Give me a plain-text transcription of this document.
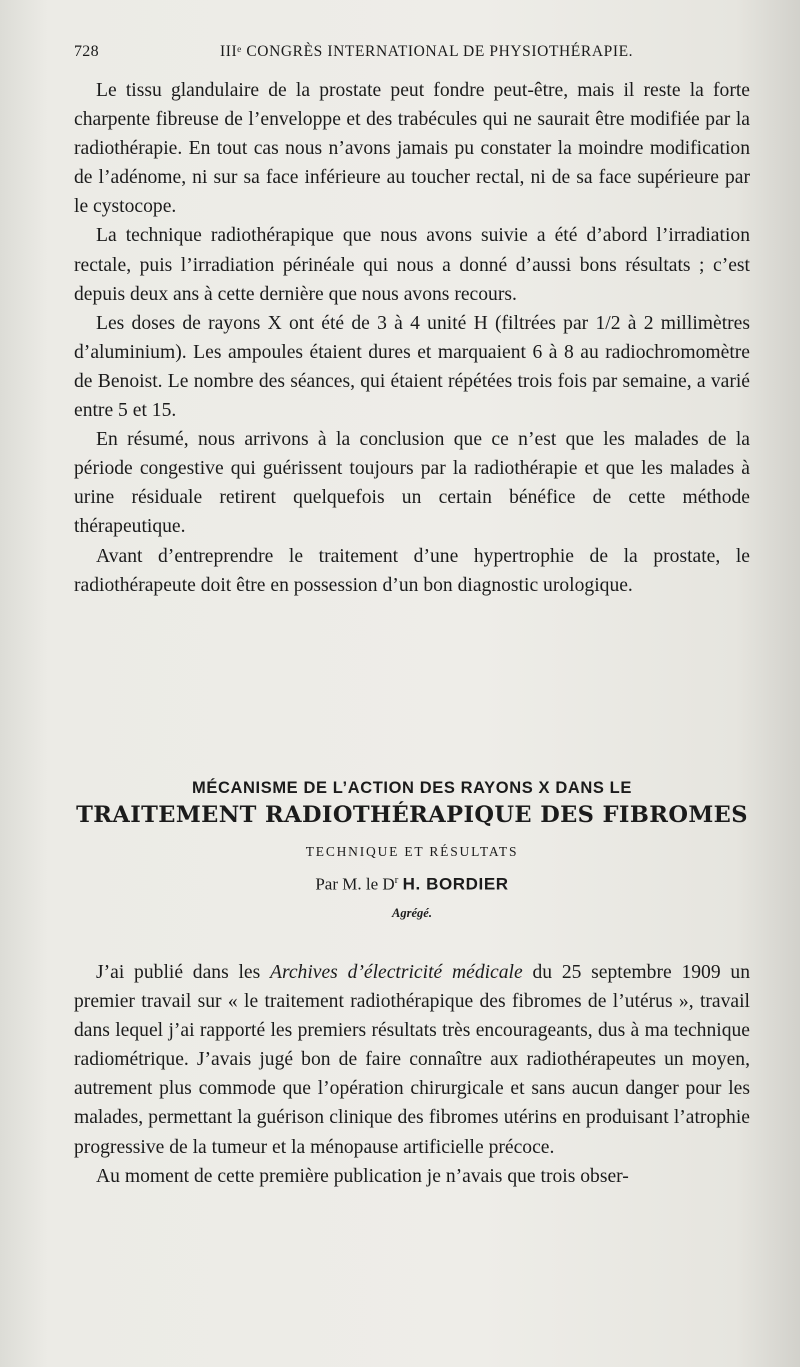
728	IIIᵉ CONGRÈS INTERNATIONAL DE PHYSIOTHÉRAPIE.

Le tissu glandulaire de la prostate peut fondre peut-être, mais il reste la forte charpente fibreuse de l’enveloppe et des trabécules qui ne saurait être modifiée par la radiothérapie. En tout cas nous n’avons jamais pu constater la moindre modification de l’adénome, ni sur sa face inférieure au toucher rectal, ni de sa face supérieure par le cystocope.

La technique radiothérapique que nous avons suivie a été d’abord l’irradiation rectale, puis l’irradiation périnéale qui nous a donné d’aussi bons résultats ; c’est depuis deux ans à cette dernière que nous avons recours.

Les doses de rayons X ont été de 3 à 4 unité H (filtrées par 1/2 à 2 millimètres d’aluminium). Les ampoules étaient dures et marquaient 6 à 8 au radiochromomètre de Benoist. Le nombre des séances, qui étaient répétées trois fois par semaine, a varié entre 5 et 15.

En résumé, nous arrivons à la conclusion que ce n’est que les malades de la période congestive qui guérissent toujours par la radiothérapie et que les malades à urine résiduale retirent quelquefois un certain bénéfice de cette méthode thérapeutique.

Avant d’entreprendre le traitement d’une hypertrophie de la prostate, le radiothérapeute doit être en possession d’un bon diagnostic urologique.

MÉCANISME DE L’ACTION DES RAYONS X DANS LE
TRAITEMENT RADIOTHÉRAPIQUE DES FIBROMES
TECHNIQUE ET RÉSULTATS
Par M. le $D^r$ H. BORDIER
Agrégé.

J’ai publié dans les Archives d’électricité médicale du 25 septembre 1909 un premier travail sur « le traitement radiothérapique des fibromes de l’utérus », travail dans lequel j’ai rapporté les premiers résultats très encourageants, dus à ma technique radiométrique. J’avais jugé bon de faire connaître aux radiothérapeutes un moyen, autrement plus commode que l’opération chirurgicale et sans aucun danger pour les malades, permettant la guérison clinique des fibromes utérins en produisant l’atrophie progressive de la tumeur et la ménopause artificielle précoce.

Au moment de cette première publication je n’avais que trois obser-
